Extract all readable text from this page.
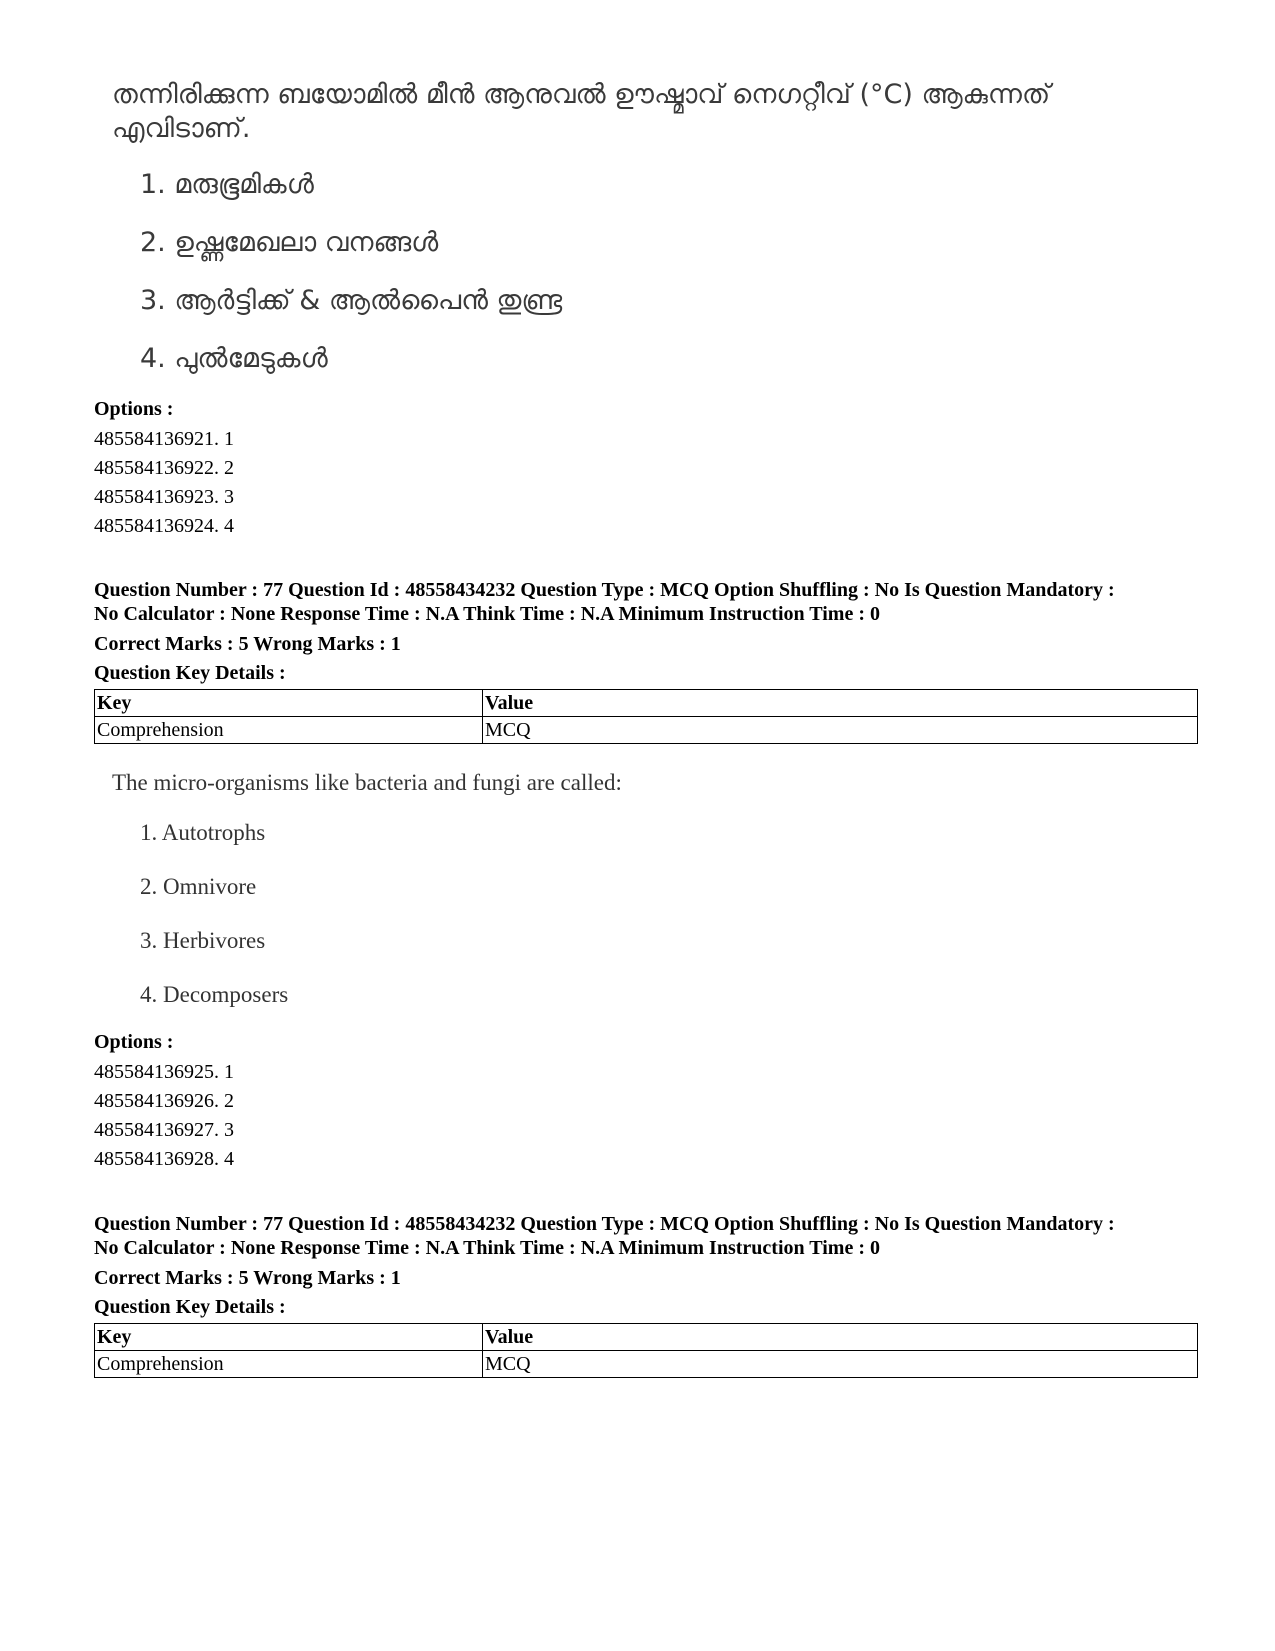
തന്നിരിക്കുന്ന ബയോമിൽ മീൻ ആനുവൽ ഊഷ്മാവ് നെഗറ്റീവ് (°C) ആകുന്നത് എവിടാണ്.
1. മരുഭൂമികൾ
2. ഉഷ്ണമേഖലാ വനങ്ങൾ
3. ആർട്ടിക്ക് & ആൽപൈൻ തുണ്ട്ര
4. പുൽമേടുകൾ
Options :
485584136921. 1
485584136922. 2
485584136923. 3
485584136924. 4
Question Number : 77 Question Id : 48558434232 Question Type : MCQ Option Shuffling : No Is Question Mandatory :
No Calculator : None Response Time : N.A Think Time : N.A Minimum Instruction Time : 0
Correct Marks : 5 Wrong Marks : 1
Question Key Details :
Key	Value
Comprehension	MCQ
The micro-organisms like bacteria and fungi are called:
1. Autotrophs
2. Omnivore
3. Herbivores
4. Decomposers
Options :
485584136925. 1
485584136926. 2
485584136927. 3
485584136928. 4
Question Number : 77 Question Id : 48558434232 Question Type : MCQ Option Shuffling : No Is Question Mandatory :
No Calculator : None Response Time : N.A Think Time : N.A Minimum Instruction Time : 0
Correct Marks : 5 Wrong Marks : 1
Question Key Details :
Key	Value
Comprehension	MCQ
